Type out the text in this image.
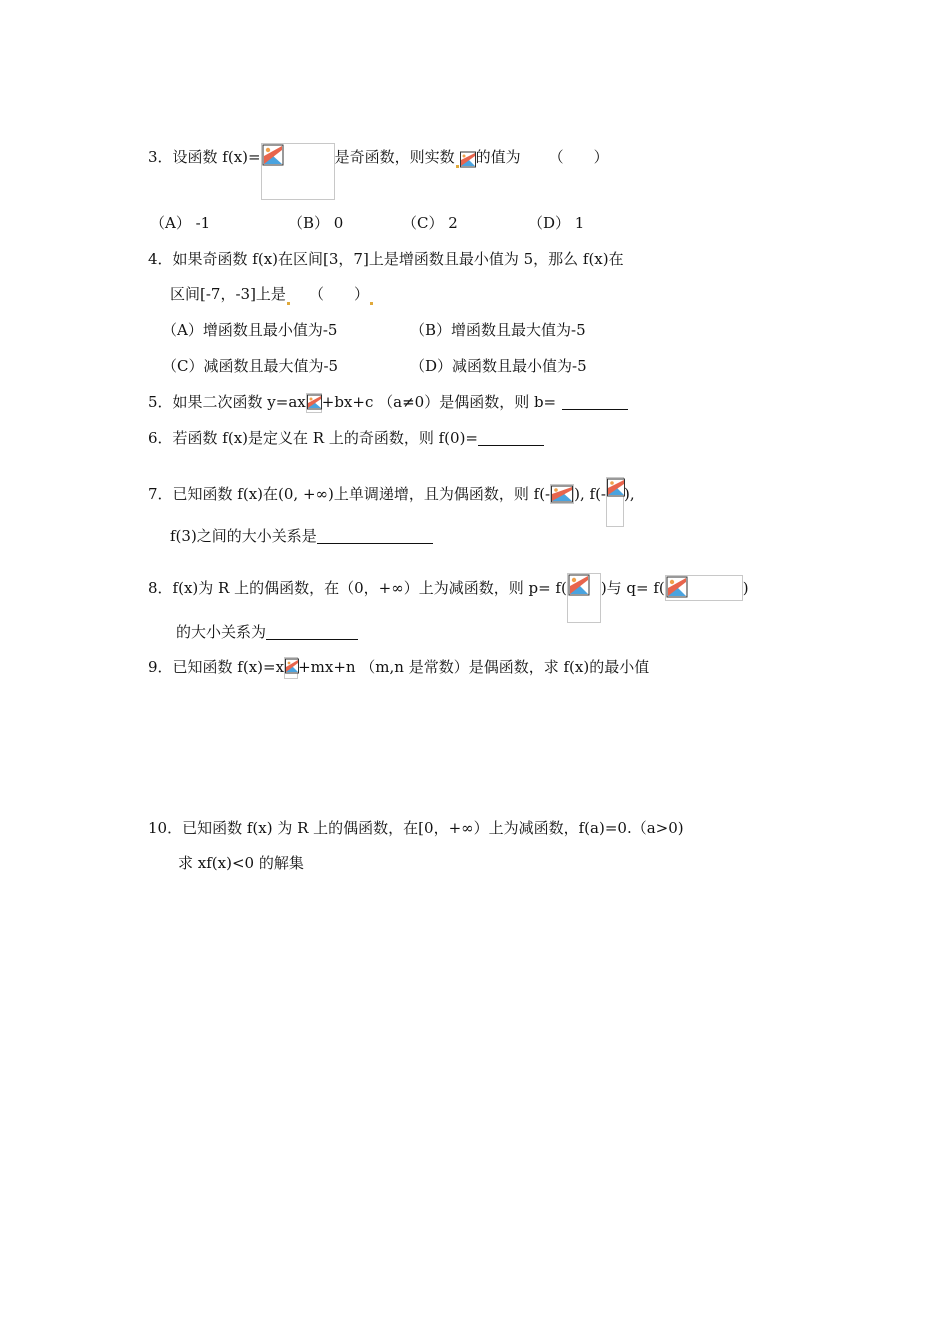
3．设函数 f(x)=	是奇函数，则实数 的值为 （　　）
（A） -1	（B） 0	（C） 2	（D） 1
4．如果奇函数 f(x)在区间[3，7]上是增函数且最小值为 5，那么 f(x)在
区间[-7，-3]上是 （　　）
（A）增函数且最小值为-5	（B）增函数且最大值为-5
（C）减函数且最大值为-5	（D）减函数且最小值为-5
5．如果二次函数 y=ax +bx+c （a≠0）是偶函数，则 b=
6．若函数 f(x)是定义在 R 上的奇函数，则 f(0)=
7．已知函数 f(x)在(0, +∞)上单调递增，且为偶函数，则 f(- ), f(- ),
f(3)之间的大小关系是
8．f(x)为 R 上的偶函数，在（0，+∞）上为减函数，则 p= f( )与 q= f(	)
的大小关系为
9．已知函数 f(x)=x +mx+n （m,n 是常数）是偶函数，求 f(x)的最小值
10．已知函数 f(x) 为 R 上的偶函数，在[0，+∞）上为减函数，f(a)=0.（a>0)
求 xf(x)<0 的解集
